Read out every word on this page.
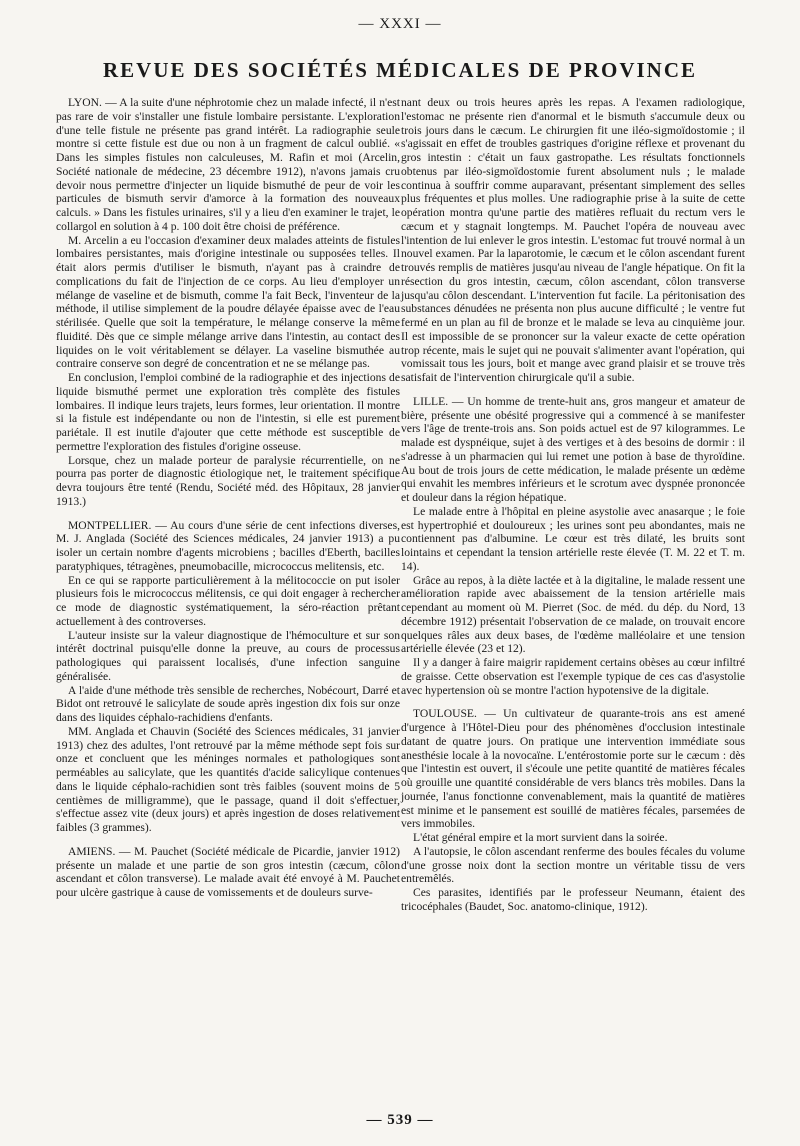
— XXXI —
REVUE DES SOCIÉTÉS MÉDICALES DE PROVINCE

LYON. — A la suite d'une néphrotomie chez un malade infecté, il n'est pas rare de voir s'installer une fistule lombaire persistante. L'exploration d'une telle fistule ne présente pas grand intérêt. La radiographie seule montre si cette fistule est due ou non à un fragment de calcul oublié. « Dans les simples fistules non calculeuses, M. Rafin et moi (Arcelin, Société nationale de médecine, 23 décembre 1912), n'avons jamais cru devoir nous permettre d'injecter un liquide bismuthé de peur de voir les particules de bismuth servir d'amorce à la formation des nouveaux calculs. » Dans les fistules urinaires, s'il y a lieu d'en examiner le trajet, le collargol en solution à 4 p. 100 doit être choisi de préférence.

M. Arcelin a eu l'occasion d'examiner deux malades atteints de fistules lombaires persistantes, mais d'origine intestinale ou supposées telles. Il était alors permis d'utiliser le bismuth, n'ayant pas à craindre de complications du fait de l'injection de ce corps. Au lieu d'employer un mélange de vaseline et de bismuth, comme l'a fait Beck, l'inventeur de la méthode, il utilise simplement de la poudre délayée épaisse avec de l'eau stérilisée. Quelle que soit la température, le mélange conserve la même fluidité. Dès que ce simple mélange arrive dans l'intestin, au contact des liquides on le voit véritablement se délayer. La vaseline bismuthée au contraire conserve son degré de concentration et ne se mélange pas.

En conclusion, l'emploi combiné de la radiographie et des injections de liquide bismuthé permet une exploration très complète des fistules lombaires. Il indique leurs trajets, leurs formes, leur orientation. Il montre si la fistule est indépendante ou non de l'intestin, si elle est purement pariétale. Il est inutile d'ajouter que cette méthode est susceptible de permettre l'exploration des fistules d'origine osseuse.

Lorsque, chez un malade porteur de paralysie récurrentielle, on ne pourra pas porter de diagnostic étiologique net, le traitement spécifique devra toujours être tenté (Rendu, Société méd. des Hôpitaux, 28 janvier 1913.)

MONTPELLIER. — Au cours d'une série de cent infections diverses, M. J. Anglada (Société des Sciences médicales, 24 janvier 1913) a pu isoler un certain nombre d'agents microbiens ; bacilles d'Eberth, bacilles paratyphiques, tétragènes, pneumobacille, micrococcus melitensis, etc.

En ce qui se rapporte particulièrement à la mélitococcie on put isoler plusieurs fois le micrococcus mélitensis, ce qui doit engager à rechercher ce mode de diagnostic systématiquement, la séro-réaction prêtant actuellement à des controverses.

L'auteur insiste sur la valeur diagnostique de l'hémoculture et sur son intérêt doctrinal puisqu'elle donne la preuve, au cours de processus pathologiques qui paraissent localisés, d'une infection sanguine généralisée.

A l'aide d'une méthode très sensible de recherches, Nobécourt, Darré et Bidot ont retrouvé le salicylate de soude après ingestion dix fois sur onze dans des liquides céphalo-rachidiens d'enfants.

MM. Anglada et Chauvin (Société des Sciences médicales, 31 janvier 1913) chez des adultes, l'ont retrouvé par la même méthode sept fois sur onze et concluent que les méninges normales et pathologiques sont perméables au salicylate, que les quantités d'acide salicylique contenues dans le liquide céphalo-rachidien sont très faibles (souvent moins de 5 centièmes de milligramme), que le passage, quand il doit s'effectuer, s'effectue assez vite (deux jours) et après ingestion de doses relativement faibles (3 grammes).

AMIENS. — M. Pauchet (Société médicale de Picardie, janvier 1912) présente un malade et une partie de son gros intestin (cæcum, côlon ascendant et côlon transverse). Le malade avait été envoyé à M. Pauchet pour ulcère gastrique à cause de vomissements et de douleurs surve-

nant deux ou trois heures après les repas. A l'examen radiologique, l'estomac ne présente rien d'anormal et le bismuth s'accumule deux ou trois jours dans le cæcum. Le chirurgien fit une iléo-sigmoïdostomie ; il s'agissait en effet de troubles gastriques d'origine réflexe et provenant du gros intestin : c'était un faux gastropathe. Les résultats fonctionnels obtenus par iléo-sigmoïdostomie furent absolument nuls ; le malade continua à souffrir comme auparavant, présentant simplement des selles plus fréquentes et plus molles. Une radiographie prise à la suite de cette opération montra qu'une partie des matières refluait du rectum vers le cæcum et y stagnait longtemps. M. Pauchet l'opéra de nouveau avec l'intention de lui enlever le gros intestin. L'estomac fut trouvé normal à un nouvel examen. Par la laparotomie, le cæcum et le côlon ascendant furent trouvés remplis de matières jusqu'au niveau de l'angle hépatique. On fit la résection du gros intestin, cæcum, côlon ascendant, côlon transverse jusqu'au côlon descendant. L'intervention fut facile. La péritonisation des substances dénudées ne présenta non plus aucune difficulté ; le ventre fut fermé en un plan au fil de bronze et le malade se leva au cinquième jour. Il est impossible de se prononcer sur la valeur exacte de cette opération trop récente, mais le sujet qui ne pouvait s'alimenter avant l'opération, qui vomissait tous les jours, boit et mange avec grand plaisir et se trouve très satisfait de l'intervention chirurgicale qu'il a subie.

LILLE. — Un homme de trente-huit ans, gros mangeur et amateur de bière, présente une obésité progressive qui a commencé à se manifester vers l'âge de trente-trois ans. Son poids actuel est de 97 kilogrammes. Le malade est dyspnéique, sujet à des vertiges et à des besoins de dormir : il s'adresse à un pharmacien qui lui remet une potion à base de thyroïdine. Au bout de trois jours de cette médication, le malade présente un œdème qui envahit les membres inférieurs et le scrotum avec dyspnée prononcée et douleur dans la région hépatique.

Le malade entre à l'hôpital en pleine asystolie avec anasarque ; le foie est hypertrophié et douloureux ; les urines sont peu abondantes, mais ne contiennent pas d'albumine. Le cœur est très dilaté, les bruits sont lointains et cependant la tension artérielle reste élevée (T. M. 22 et T. m. 14).

Grâce au repos, à la diète lactée et à la digitaline, le malade ressent une amélioration rapide avec abaissement de la tension artérielle mais cependant au moment où M. Pierret (Soc. de méd. du dép. du Nord, 13 décembre 1912) présentait l'observation de ce malade, on trouvait encore quelques râles aux deux bases, de l'œdème malléolaire et une tension artérielle élevée (23 et 12).

Il y a danger à faire maigrir rapidement certains obèses au cœur infiltré de graisse. Cette observation est l'exemple typique de ces cas d'asystolie avec hypertension où se montre l'action hypotensive de la digitale.

TOULOUSE. — Un cultivateur de quarante-trois ans est amené d'urgence à l'Hôtel-Dieu pour des phénomènes d'occlusion intestinale datant de quatre jours. On pratique une intervention immédiate sous anesthésie locale à la novocaïne. L'entérostomie porte sur le cæcum : dès que l'intestin est ouvert, il s'écoule une petite quantité de matières fécales où grouille une quantité considérable de vers blancs très mobiles. Dans la journée, l'anus fonctionne convenablement, mais la quantité de matières est minime et le pansement est souillé de matières fécales, parsemées de vers immobiles.

L'état général empire et la mort survient dans la soirée.

A l'autopsie, le côlon ascendant renferme des boules fécales du volume d'une grosse noix dont la section montre un véritable tissu de vers entremêlés.

Ces parasites, identifiés par le professeur Neumann, étaient des tricocéphales (Baudet, Soc. anatomo-clinique, 1912).

— 539 —
